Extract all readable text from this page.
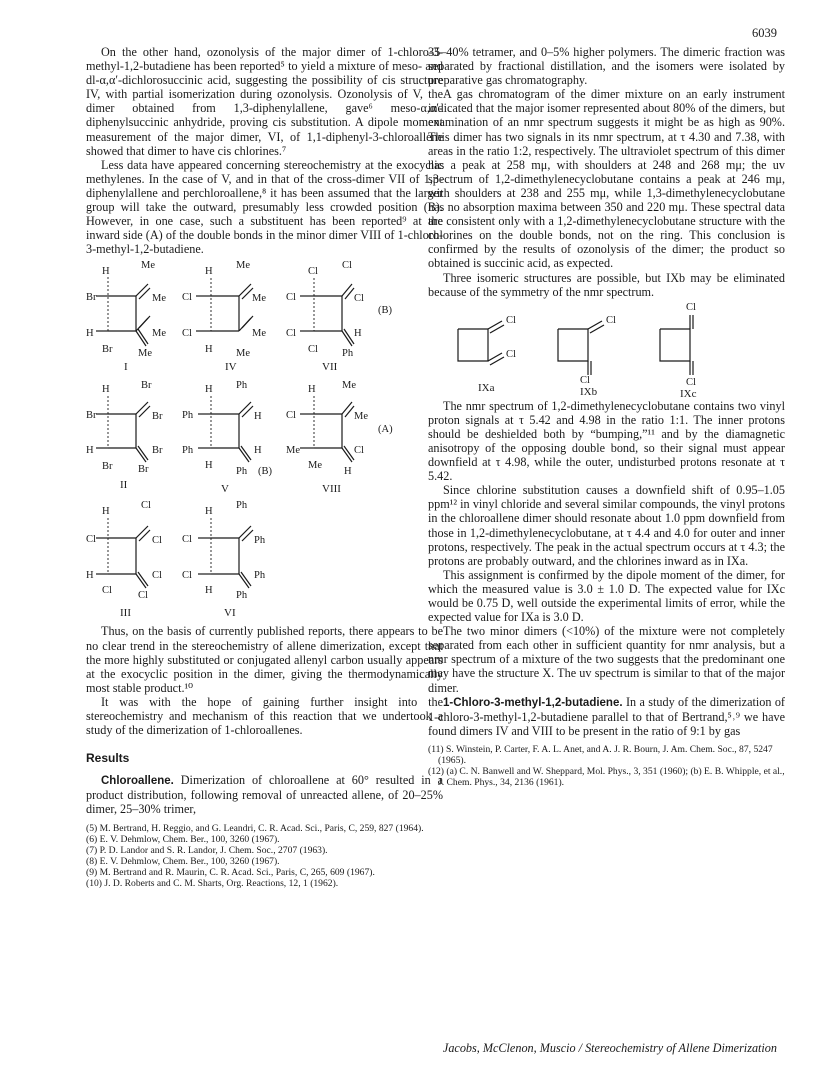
6039

On the other hand, ozonolysis of the major dimer of 1-chloro-3-methyl-1,2-butadiene has been reported⁵ to yield a mixture of meso- and dl-α,α′-dichlorosuccinic acid, suggesting the possibility of cis structure IV, with partial isomerization during ozonolysis. Ozonolysis of V, the dimer obtained from 1,3-diphenylallene, gave⁶ meso-α,α′-diphenylsuccinic anhydride, proving cis substitution. A dipole moment measurement of the major dimer, VI, of 1,1-diphenyl-3-chloroallene showed that dimer to have cis chlorines.⁷

Less data have appeared concerning stereochemistry at the exocyclic methylenes. In the case of V, and in that of the cross-dimer VII of 1,3-diphenylallene and perchloroallene,⁸ it has been assumed that the larger group will take the outward, presumably less crowded position (B). However, in one case, such a substituent has been reported⁹ at the inward side (A) of the double bonds in the minor dimer VIII of 1-chloro-3-methyl-1,2-butadiene.

H
Me
Me
Br
H	Me
Br Me
I
H
Me
Me
Cl
Cl	Me
H Me
IV
Cl
Cl
Cl
Cl
Cl	H
Cl Ph
VII
(B)
H	Br
Br
Br
H	Br
Br Br
II
H Ph
H
Ph
Ph	H
H
Ph
V
(B)
H	Me
Me
Cl
Me	Cl
Me
H
VIII
(A)
H
Cl
Cl
Cl
H	Cl
Cl Cl
III
H
Ph
Ph
Cl
Cl	Ph
H Ph
VI

Thus, on the basis of currently published reports, there appears to be no clear trend in the stereochemistry of allene dimerization, except that the more highly substituted or conjugated allenyl carbon usually appears at the exocyclic position in the dimer, giving the thermodynamically most stable product.¹⁰

It was with the hope of gaining further insight into the stereochemistry and mechanism of this reaction that we undertook a study of the dimerization of 1-chloroallenes.

Results

Chloroallene. Dimerization of chloroallene at 60° resulted in a product distribution, following removal of unreacted allene, of 20–25% dimer, 25–30% trimer,

(5) M. Bertrand, H. Reggio, and G. Leandri, C. R. Acad. Sci., Paris, C, 259, 827 (1964).

(6) E. V. Dehmlow, Chem. Ber., 100, 3260 (1967).

(7) P. D. Landor and S. R. Landor, J. Chem. Soc., 2707 (1963).

(8) E. V. Dehmlow, Chem. Ber., 100, 3260 (1967).

(9) M. Bertrand and R. Maurin, C. R. Acad. Sci., Paris, C, 265, 609 (1967).

(10) J. D. Roberts and C. M. Sharts, Org. Reactions, 12, 1 (1962).

35–40% tetramer, and 0–5% higher polymers. The dimeric fraction was separated by fractional distillation, and the isomers were isolated by preparative gas chromatography.

A gas chromatogram of the dimer mixture on an early instrument indicated that the major isomer represented about 80% of the dimers, but examination of an nmr spectrum suggests it might be as high as 90%. This dimer has two signals in its nmr spectrum, at τ 4.30 and 7.38, with areas in the ratio 1:2, respectively. The ultraviolet spectrum of this dimer has a peak at 258 mμ, with shoulders at 248 and 268 mμ; the uv spectrum of 1,2-dimethylenecyclobutane contains a peak at 246 mμ, with shoulders at 238 and 255 mμ, while 1,3-dimethylenecyclobutane has no absorption maxima between 350 and 220 mμ. These spectral data are consistent only with a 1,2-dimethylenecyclobutane structure with the chlorines on the double bonds, not on the ring. This conclusion is confirmed by the results of ozonolysis of the dimer; the product so obtained is succinic acid, as expected.

Three isomeric structures are possible, but IXb may be eliminated because of the symmetry of the nmr spectrum.

Cl
Cl
IXa
Cl
Cl
IXb
Cl
Cl
IXc

The nmr spectrum of 1,2-dimethylenecyclobutane contains two vinyl proton signals at τ 5.42 and 4.98 in the ratio 1:1. The inner protons should be deshielded both by “bumping,”¹¹ and by the diamagnetic anisotropy of the opposing double bond, so their signal must appear downfield at τ 4.98, while the outer, undisturbed protons resonate at τ 5.42.

Since chlorine substitution causes a downfield shift of 0.95–1.05 ppm¹² in vinyl chloride and several similar compounds, the vinyl protons in the chloroallene dimer should resonate about 1.0 ppm downfield from those in 1,2-dimethylenecyclobutane, at τ 4.4 and 4.0 for outer and inner protons, respectively. The peak in the actual spectrum occurs at τ 4.3; the protons are probably outward, and the chlorines inward as in IXa.

This assignment is confirmed by the dipole moment of the dimer, for which the measured value is 3.0 ± 1.0 D. The expected value for IXc would be 0.75 D, well outside the experimental limits of error, while the expected value for IXa is 3.0 D.

The two minor dimers (<10%) of the mixture were not completely separated from each other in sufficient quantity for nmr analysis, but a nmr spectrum of a mixture of the two suggests that the predominant one may have the structure X. The uv spectrum is similar to that of the major dimer.

1-Chloro-3-methyl-1,2-butadiene. In a study of the dimerization of 1-chloro-3-methyl-1,2-butadiene parallel to that of Bertrand,⁵˒⁹ we have found dimers IV and VIII to be present in the ratio of 9:1 by gas

(11) S. Winstein, P. Carter, F. A. L. Anet, and A. J. R. Bourn, J. Am. Chem. Soc., 87, 5247 (1965).

(12) (a) C. N. Banwell and W. Sheppard, Mol. Phys., 3, 351 (1960); (b) E. B. Whipple, et al., J. Chem. Phys., 34, 2136 (1961).

Jacobs, McClenon, Muscio / Stereochemistry of Allene Dimerization
